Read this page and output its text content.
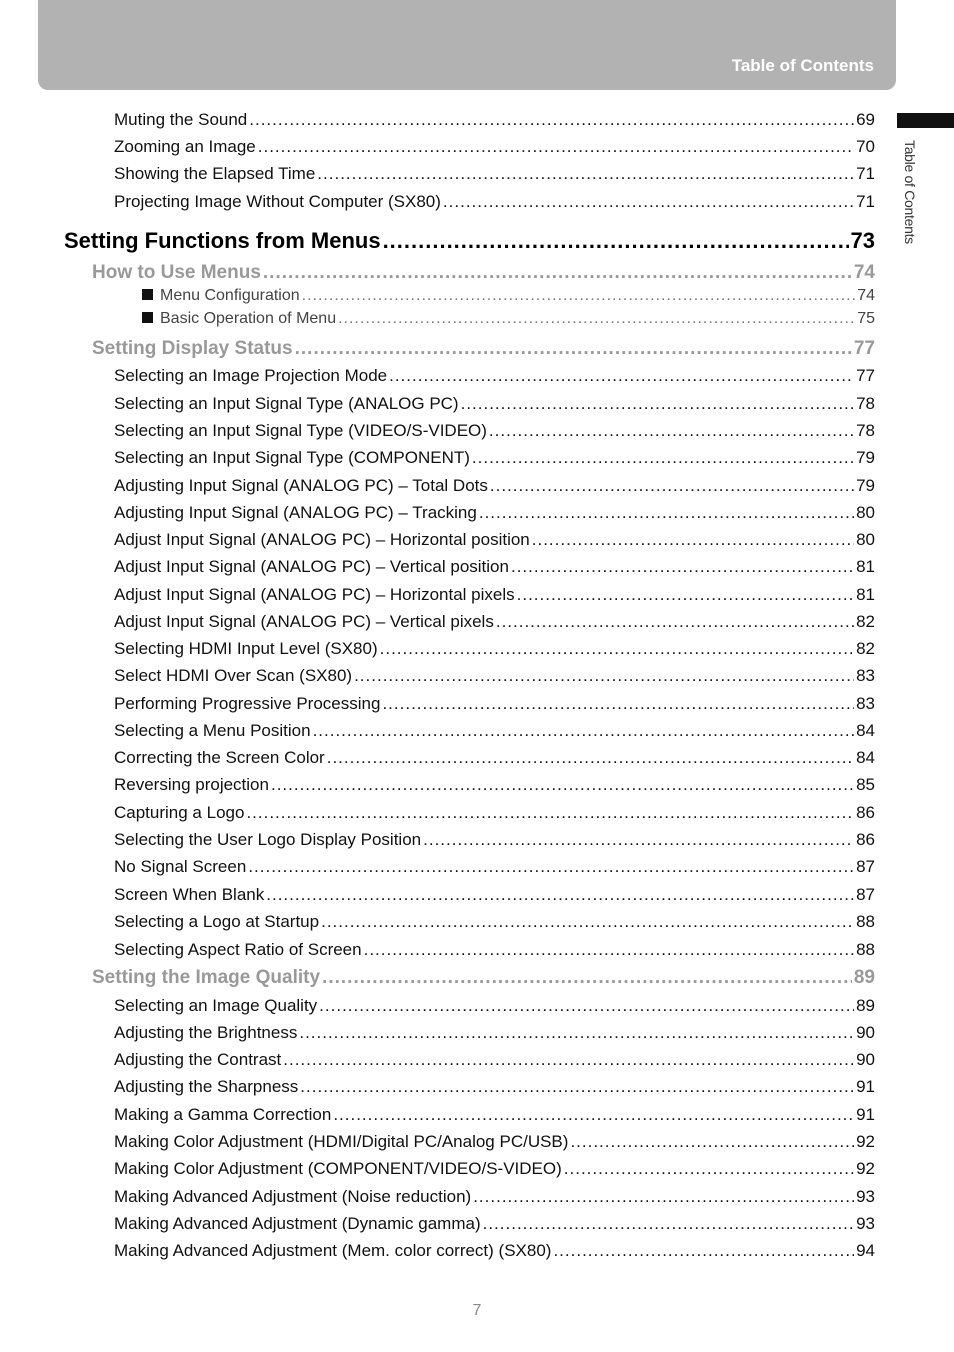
Table of Contents
Table of Contents
Muting the Sound .....	69
Zooming an Image .....	70
Showing the Elapsed Time .....	71
Projecting Image Without Computer (SX80) .....	71
Setting Functions from Menus .....	73
How to Use Menus .....	74
Menu Configuration .....	74
Basic Operation of Menu .....	75
Setting Display Status .....	77
Selecting an Image Projection Mode .....	77
Selecting an Input Signal Type (ANALOG PC) .....	78
Selecting an Input Signal Type (VIDEO/S-VIDEO) .....	78
Selecting an Input Signal Type (COMPONENT) .....	79
Adjusting Input Signal (ANALOG PC) – Total Dots .....	79
Adjusting Input Signal (ANALOG PC) – Tracking .....	80
Adjust Input Signal (ANALOG PC) – Horizontal position .....	80
Adjust Input Signal (ANALOG PC) – Vertical position .....	81
Adjust Input Signal (ANALOG PC) – Horizontal pixels .....	81
Adjust Input Signal (ANALOG PC) – Vertical pixels .....	82
Selecting HDMI Input Level (SX80) .....	82
Select HDMI Over Scan (SX80) .....	83
Performing Progressive Processing .....	83
Selecting a Menu Position .....	84
Correcting the Screen Color .....	84
Reversing projection .....	85
Capturing a Logo .....	86
Selecting the User Logo Display Position .....	86
No Signal Screen .....	87
Screen When Blank .....	87
Selecting a Logo at Startup .....	88
Selecting Aspect Ratio of Screen .....	88
Setting the Image Quality .....	89
Selecting an Image Quality .....	89
Adjusting the Brightness .....	90
Adjusting the Contrast .....	90
Adjusting the Sharpness .....	91
Making a Gamma Correction .....	91
Making Color Adjustment (HDMI/Digital PC/Analog PC/USB) .....	92
Making Color Adjustment (COMPONENT/VIDEO/S-VIDEO) .....	92
Making Advanced Adjustment (Noise reduction) .....	93
Making Advanced Adjustment (Dynamic gamma) .....	93
Making Advanced Adjustment (Mem. color correct) (SX80) .....	94
7
